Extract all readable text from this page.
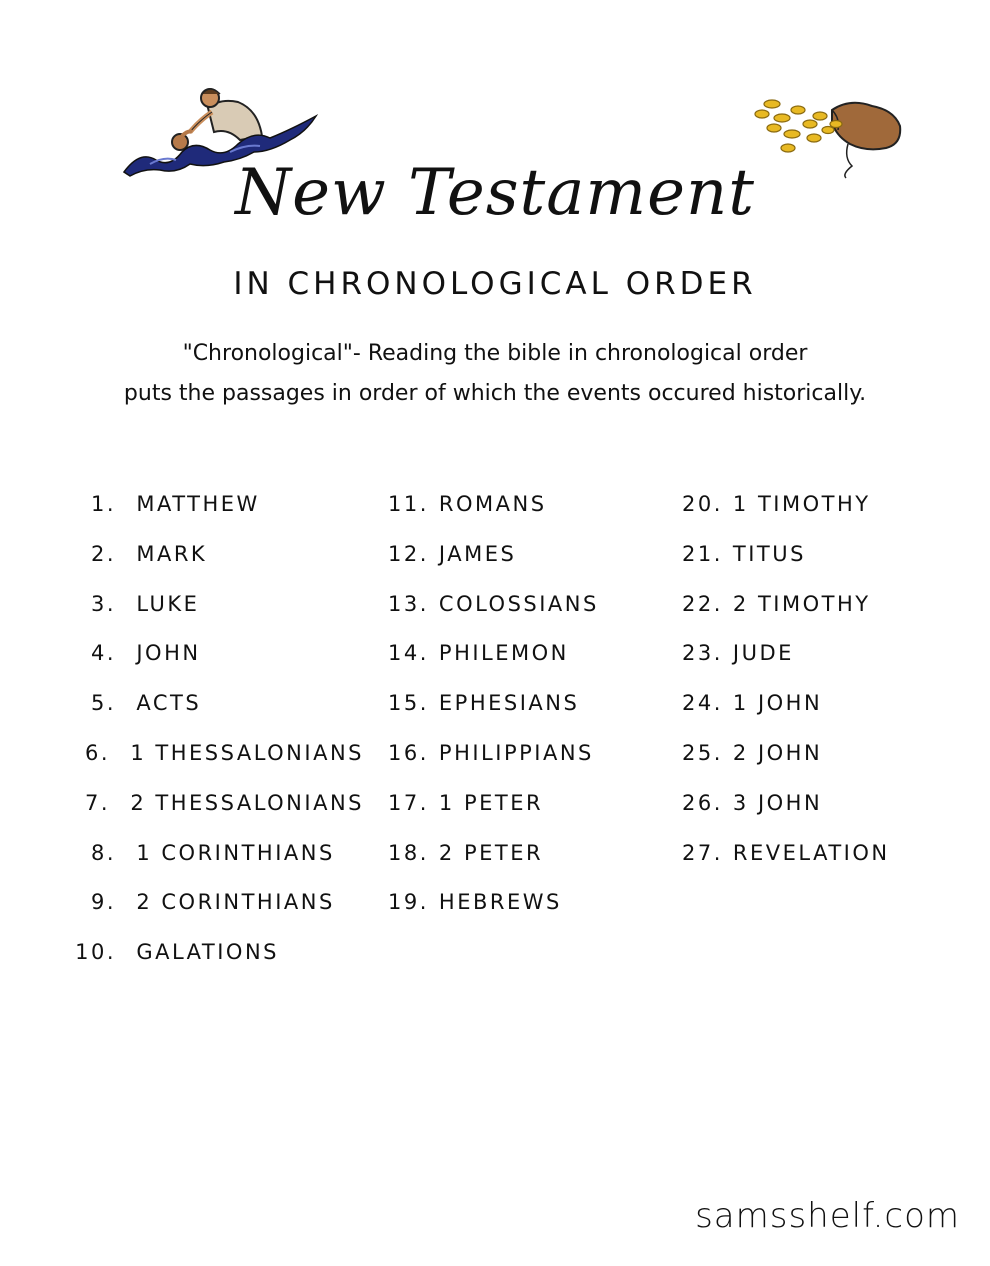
New Testament
IN CHRONOLOGICAL ORDER
"Chronological"- Reading the bible in chronological order
puts the passages in order of which the events occured historically.
1.
MATTHEW
2.
MARK
3.
LUKE
4.
JOHN
5.
ACTS
6.
1 THESSALONIANS
7.
2 THESSALONIANS
8.
1 CORINTHIANS
9.
2 CORINTHIANS
10.
GALATIONS
11. ROMANS
12. JAMES
13. COLOSSIANS
14. PHILEMON
15. EPHESIANS
16. PHILIPPIANS
17. 1 PETER
18. 2 PETER
19. HEBREWS
20. 1 TIMOTHY
21. TITUS
22. 2 TIMOTHY
23. JUDE
24. 1 JOHN
25. 2 JOHN
26. 3 JOHN
27. REVELATION
samsshelf.com
